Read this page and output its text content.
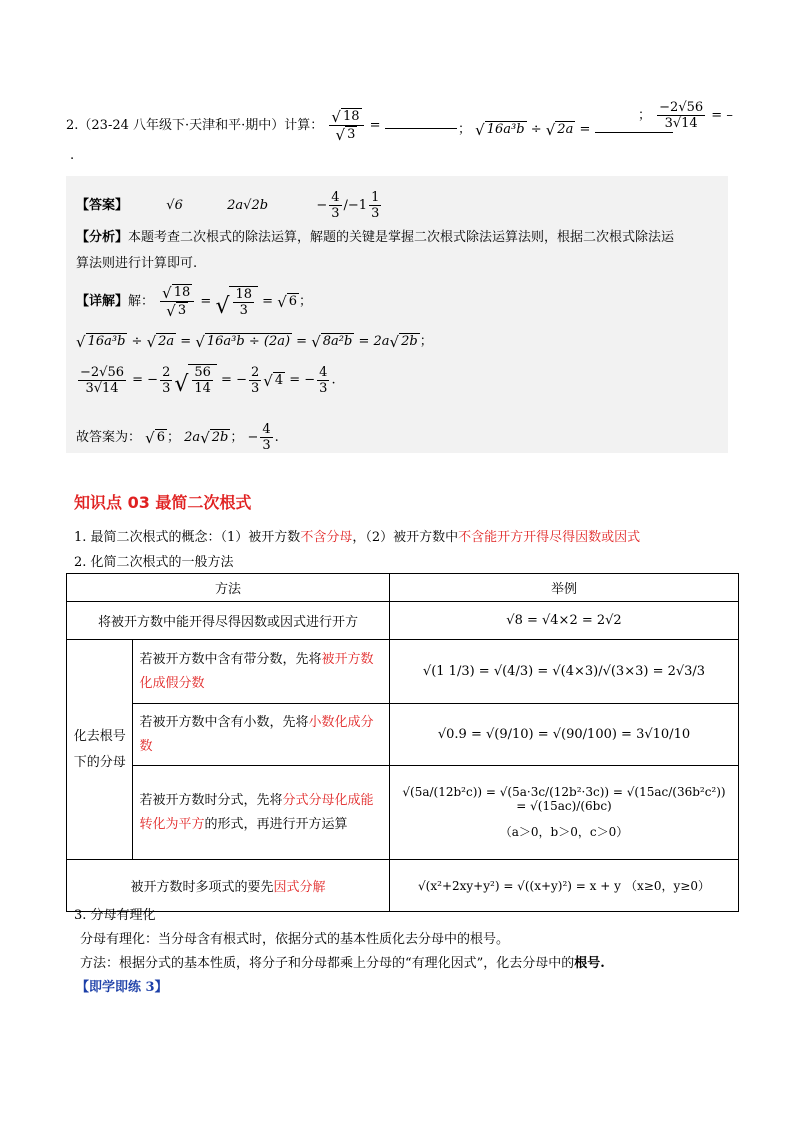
2.（23-24 八年级下·天津和平·期中）计算： $\frac{√ 18}{√ 3}$ =	； √ 16a³b ÷ √ 2a =
； $\frac{-2√56}{3√14}$ = –
.
【答案】	√6	2a√2b	− $\frac{4}{3} /-1 \frac{1}{3}$
【分析】本题考查二次根式的除法运算，解题的关键是掌握二次根式除法运算法则，根据二次根式除法运
算法则进行计算即可.
【详解】解： $\frac{√ 18}{√ 3}$ = √ $\frac{18}{3}$ = √ 6 ；
√ 16a³b ÷ √ 2a = √ 16a³b ÷ (2a) = √ 8a²b = 2a √ 2b ；
$\frac{-2√56}{3√14}$ = − $\frac{2}{3}$ √ $\frac{56}{14}$ = − $\frac{2}{3}$ √ 4 = − $\frac{4}{3}$ .
故答案为： √ 6 ； 2a √ 2b ； − $\frac{4}{3}$ .
知识点 03 最简二次根式
1. 最简二次根式的概念：（1）被开方数不含分母，（2）被开方数中不含能开方开得尽得因数或因式
2. 化简二次根式的一般方法
方法		举例
将被开方数中能开得尽得因数或因式进行开方		√8 = √4×2 = 2√2
化去根号下的分母	若被开方数中含有带分数，先将被开方数化成假分数	√(1 1/3) = √(4/3) = √(4×3)/√(3×3) = 2√3/3
	若被开方数中含有小数，先将小数化成分数	√0.9 = √(9/10) = √(90/100) = 3√10/10
	若被开方数时分式，先将分式分母化成能转化为平方的形式，再进行开方运算	√(5a/(12b²c)) = √(5a·3c/(12b²·3c)) = √(15ac/(36b²c²)) = √(15ac)/(6bc)
（a＞0，b＞0，c＞0）

被开方数时多项式的要先因式分解		√(x²+2xy+y²) = √((x+y)²) = x + y （x≥0，y≥0）
3. 分母有理化
分母有理化：当分母含有根式时，依据分式的基本性质化去分母中的根号。
方法：根据分式的基本性质，将分子和分母都乘上分母的“有理化因式”，化去分母中的根号.
【即学即练 3】
